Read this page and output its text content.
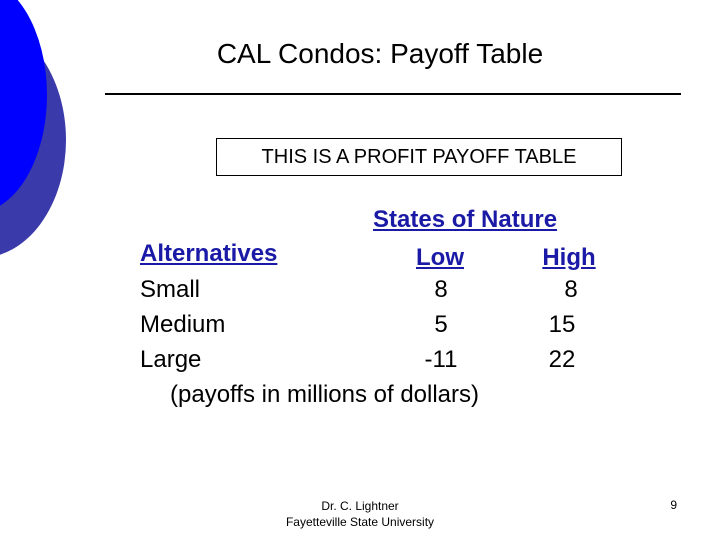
CAL Condos: Payoff Table
THIS IS A PROFIT PAYOFF TABLE
States of Nature
Alternatives	Low	High
Small	8	8
Medium	5	15
Large	-11	22
(payoffs in millions of dollars)
Dr. C. Lightner
Fayetteville State University
9
